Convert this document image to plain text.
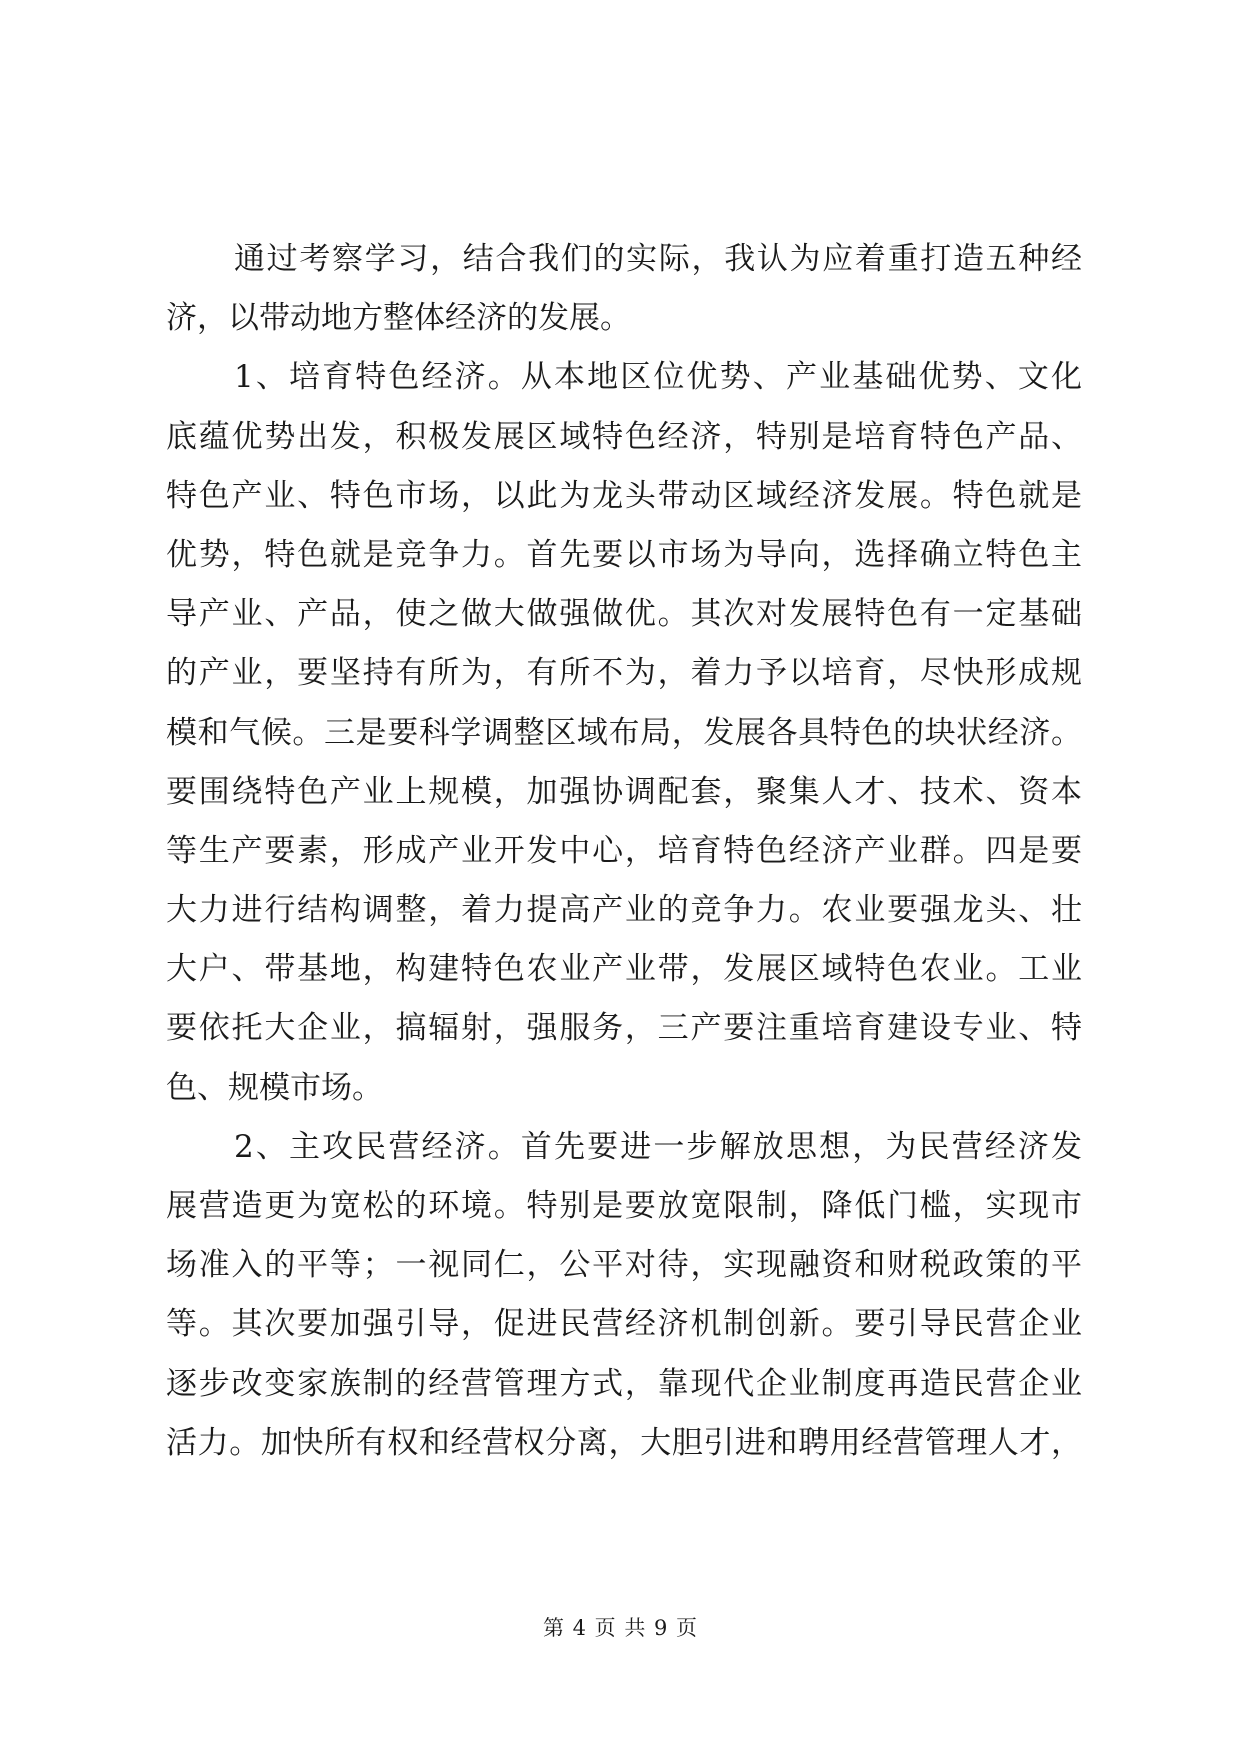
通过考察学习，结合我们的实际，我认为应着重打造五种经
济，以带动地方整体经济的发展。
1、培育特色经济。从本地区位优势、产业基础优势、文化
底蕴优势出发，积极发展区域特色经济，特别是培育特色产品、
特色产业、特色市场，以此为龙头带动区域经济发展。特色就是
优势，特色就是竞争力。首先要以市场为导向，选择确立特色主
导产业、产品，使之做大做强做优。其次对发展特色有一定基础
的产业，要坚持有所为，有所不为，着力予以培育，尽快形成规
模和气候。三是要科学调整区域布局，发展各具特色的块状经济。
要围绕特色产业上规模，加强协调配套，聚集人才、技术、资本
等生产要素，形成产业开发中心，培育特色经济产业群。四是要
大力进行结构调整，着力提高产业的竞争力。农业要强龙头、壮
大户、带基地，构建特色农业产业带，发展区域特色农业。工业
要依托大企业，搞辐射，强服务，三产要注重培育建设专业、特
色、规模市场。
2、主攻民营经济。首先要进一步解放思想，为民营经济发
展营造更为宽松的环境。特别是要放宽限制，降低门槛，实现市
场准入的平等；一视同仁，公平对待，实现融资和财税政策的平
等。其次要加强引导，促进民营经济机制创新。要引导民营企业
逐步改变家族制的经营管理方式，靠现代企业制度再造民营企业
活力。加快所有权和经营权分离，大胆引进和聘用经营管理人才，
第 4 页 共 9 页
